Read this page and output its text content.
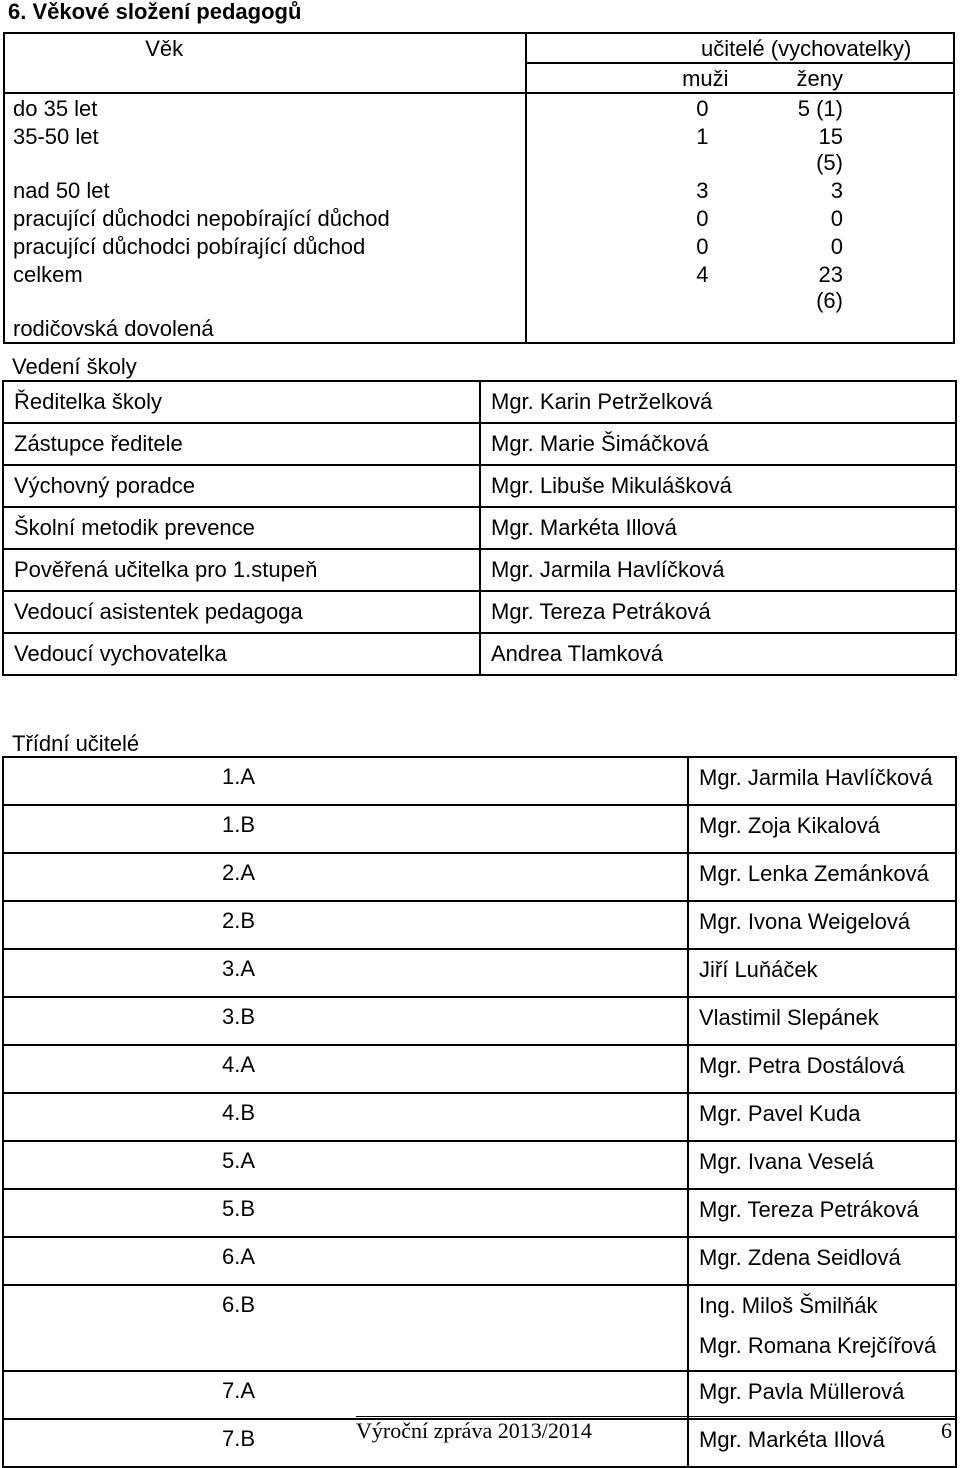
6. Věkové složení pedagogů
Věk	učitelé (vychovatelky)	
	muži	ženy
do 35 let	0	5 (1)
35-50 let	1	15 (5)
nad 50 let	3	3
pracující důchodci nepobírající důchod	0	0
pracující důchodci pobírající důchod	0	0
celkem	4	23 (6)
rodičovská dovolená		
Vedení školy
Ředitelka školy	Mgr. Karin Petrželková
Zástupce ředitele	Mgr. Marie Šimáčková
Výchovný poradce	Mgr. Libuše Mikulášková
Školní metodik prevence	Mgr. Markéta Illová
Pověřená učitelka pro 1.stupeň	Mgr. Jarmila Havlíčková
Vedoucí asistentek pedagoga	Mgr. Tereza Petráková
Vedoucí vychovatelka	Andrea Tlamková
Třídní učitelé
1.A	Mgr. Jarmila Havlíčková

1.B	Mgr. Zoja Kikalová

2.A	Mgr. Lenka Zemánková

2.B	Mgr. Ivona Weigelová

3.A	Jiří Luňáček

3.B	Vlastimil Slepánek

4.A	Mgr. Petra Dostálová

4.B	Mgr. Pavel Kuda

5.A	Mgr. Ivana Veselá

5.B	Mgr. Tereza Petráková

6.A	Mgr. Zdena Seidlová

6.B	Ing. Miloš Šmilňák
Mgr. Romana Krejčířová

7.A	Mgr. Pavla Müllerová

7.B	Mgr. Markéta Illová
Výroční zpráva 2013/2014	6
